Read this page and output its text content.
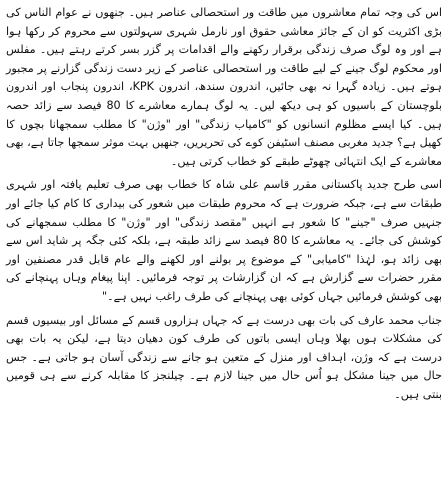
اس کی وجہ تمام معاشروں میں طاقت ور استحصالی عناصر ہیں۔ جنھوں نے عوام الناس کی بڑی اکثریت کو ان کے جائز معاشی حقوق اور نارمل شہری سہولتوں سے محروم کر رکھا ہوا ہے اور وہ لوگ صرف زندگی برقرار رکھنے والے اقدامات پر گزر بسر کرتے رہتے ہیں۔ مفلس اور محکوم لوگ جینے کے لیے طاقت ور استحصالی عناصر کے زیر دست زندگی گزارنے پر مجبور ہوتے ہیں۔ زیادہ گہرا نہ بھی جائیں، اندرون سندھ، اندرون KPK، اندرون پنجاب اور اندرون بلوچستان کے باسیوں کو ہی دیکھ لیں۔ یہ لوگ ہمارے معاشرے کا 80 فیصد سے زائد حصہ ہیں۔ کیا ایسے مظلوم انسانوں کو "کامیاب زندگی" اور "وژن" کا مطلب سمجھانا بچوں کا کھیل ہے؟ جدید مغربی مصنف اسٹیفن کوے کی تحریریں، جنھیں بہت موثر سمجھا جاتا ہے، بھی معاشرے کے ایک انتہائی چھوٹے طبقے کو خطاب کرتی ہیں۔

اسی طرح جدید پاکستانی مقرر قاسم علی شاہ کا خطاب بھی صرف تعلیم یافتہ اور شہری طبقات سے ہے، جبکہ ضرورت ہے کہ محروم طبقات میں شعور کی بیداری کا کام کیا جائے اور جنہیں صرف "جینے" کا شعور ہے انہیں "مقصد زندگی" اور "وژن" کا مطلب سمجھانے کی کوشش کی جائے۔ یہ معاشرے کا 80 فیصد سے زائد طبقہ ہے، بلکہ کئی جگہ پر شاید اس سے بھی زائد ہو، لہٰذا "کامیابی" کے موضوع پر بولنے اور لکھنے والے عام قابل قدر مصنفین اور مقرر حضرات سے گزارش ہے کہ ان گزارشات پر توجہ فرمائیں۔ اپنا پیغام وہاں پہنچانے کی بھی کوشش فرمائیں جہاں کوئی بھی پہنچانے کی طرف راغب نہیں ہے۔"

جناب محمد عارف کی بات بھی درست ہے کہ جہاں ہزاروں قسم کے مسائل اور بیسیوں قسم کی مشکلات ہوں بھلا وہاں ایسی باتوں کی طرف کون دھیان دیتا ہے، لیکن یہ بات بھی درست ہے کہ وژن، اہداف اور منزل کے متعین ہو جانے سے زندگی آسان ہو جاتی ہے۔ جس حال میں جینا مشکل ہو اُس حال میں جینا لازم ہے۔ چیلنجز کا مقابلہ کرنے سے ہی قومیں بنتی ہیں۔
